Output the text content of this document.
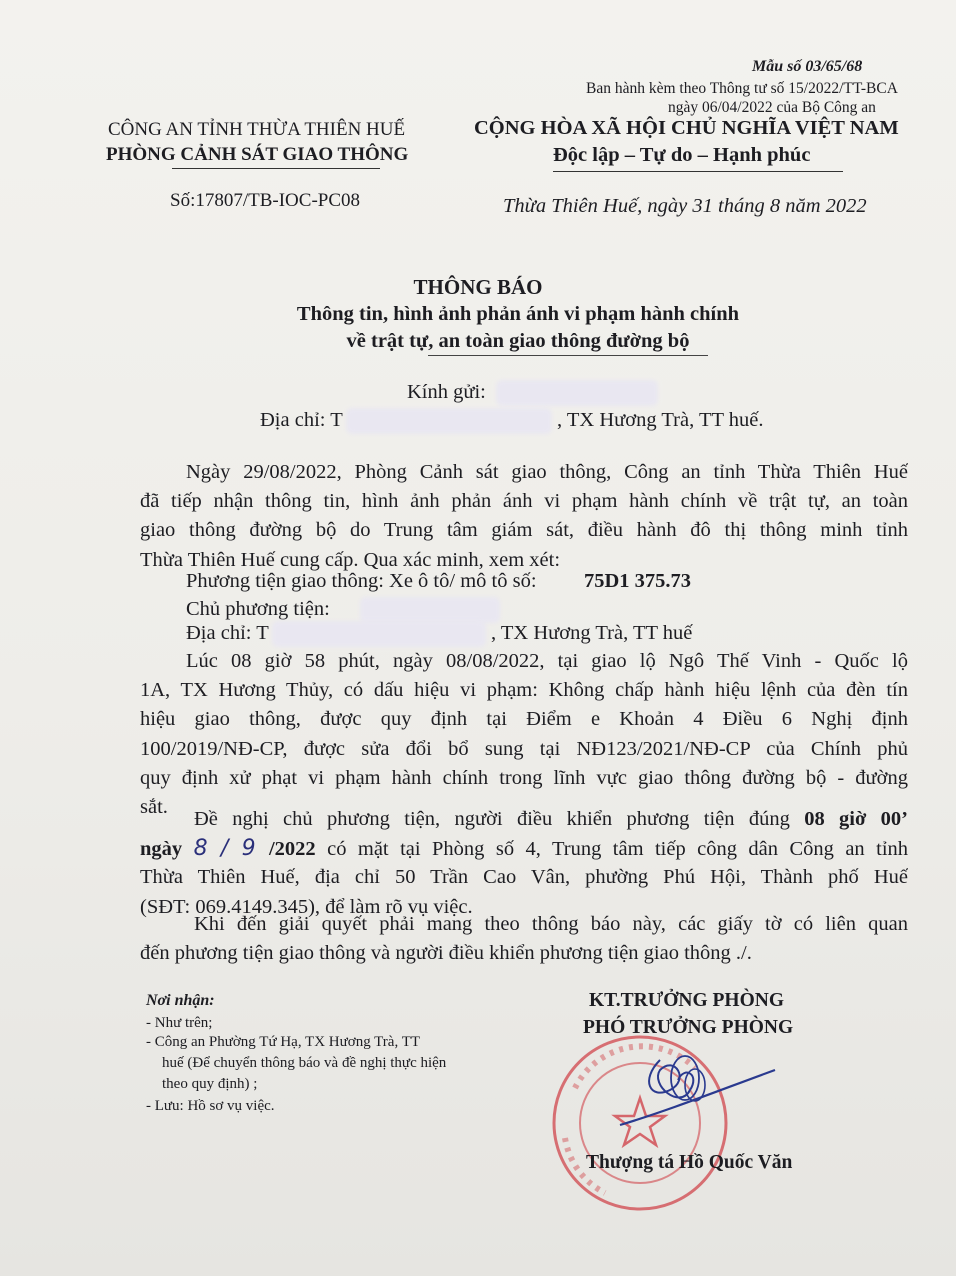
Mẫu số 03/65/68
Ban hành kèm theo Thông tư số 15/2022/TT-BCA
ngày 06/04/2022 của Bộ Công an
CÔNG AN TỈNH THỪA THIÊN HUẾ
PHÒNG CẢNH SÁT GIAO THÔNG
Số:17807/TB-IOC-PC08
CỘNG HÒA XÃ HỘI CHỦ NGHĨA VIỆT NAM
Độc lập – Tự do – Hạnh phúc
Thừa Thiên Huế, ngày 31 tháng 8 năm 2022
THÔNG BÁO
Thông tin, hình ảnh phản ánh vi phạm hành chính
về trật tự, an toàn giao thông đường bộ
Kính gửi:
Địa chỉ: T	, TX Hương Trà, TT huế.
Ngày 29/08/2022, Phòng Cảnh sát giao thông, Công an tỉnh Thừa Thiên Huế
đã tiếp nhận thông tin, hình ảnh phản ánh vi phạm hành chính về trật tự, an toàn
giao thông đường bộ do Trung tâm giám sát, điều hành đô thị thông minh tỉnh
Thừa Thiên Huế cung cấp. Qua xác minh, xem xét:
Phương tiện giao thông: Xe ô tô/ mô tô số: 75D1 375.73
Chủ phương tiện:
Địa chỉ: T	, TX Hương Trà, TT huế
Lúc 08 giờ 58 phút, ngày 08/08/2022, tại giao lộ Ngô Thế Vinh - Quốc lộ
1A, TX Hương Thủy, có dấu hiệu vi phạm: Không chấp hành hiệu lệnh của đèn tín
hiệu giao thông, được quy định tại Điểm e Khoản 4 Điều 6 Nghị định
100/2019/NĐ-CP, được sửa đổi bổ sung tại NĐ123/2021/NĐ-CP của Chính phủ
quy định xử phạt vi phạm hành chính trong lĩnh vực giao thông đường bộ - đường
sắt.
Đề nghị chủ phương tiện, người điều khiển phương tiện đúng 08 giờ 00’
ngày 8 / 9 /2022 có mặt tại Phòng số 4, Trung tâm tiếp công dân Công an tỉnh
Thừa Thiên Huế, địa chỉ 50 Trần Cao Vân, phường Phú Hội, Thành phố Huế
(SĐT: 069.4149.345), để làm rõ vụ việc.
Khi đến giải quyết phải mang theo thông báo này, các giấy tờ có liên quan
đến phương tiện giao thông và người điều khiển phương tiện giao thông ./.
Nơi nhận:
- Như trên;
- Công an Phường Tứ Hạ, TX Hương Trà, TT
huế (Để chuyển thông báo và đề nghị thực hiện
theo quy định) ;
- Lưu: Hồ sơ vụ việc.
KT.TRƯỞNG PHÒNG
PHÓ TRƯỞNG PHÒNG
Thượng tá Hồ Quốc Văn
